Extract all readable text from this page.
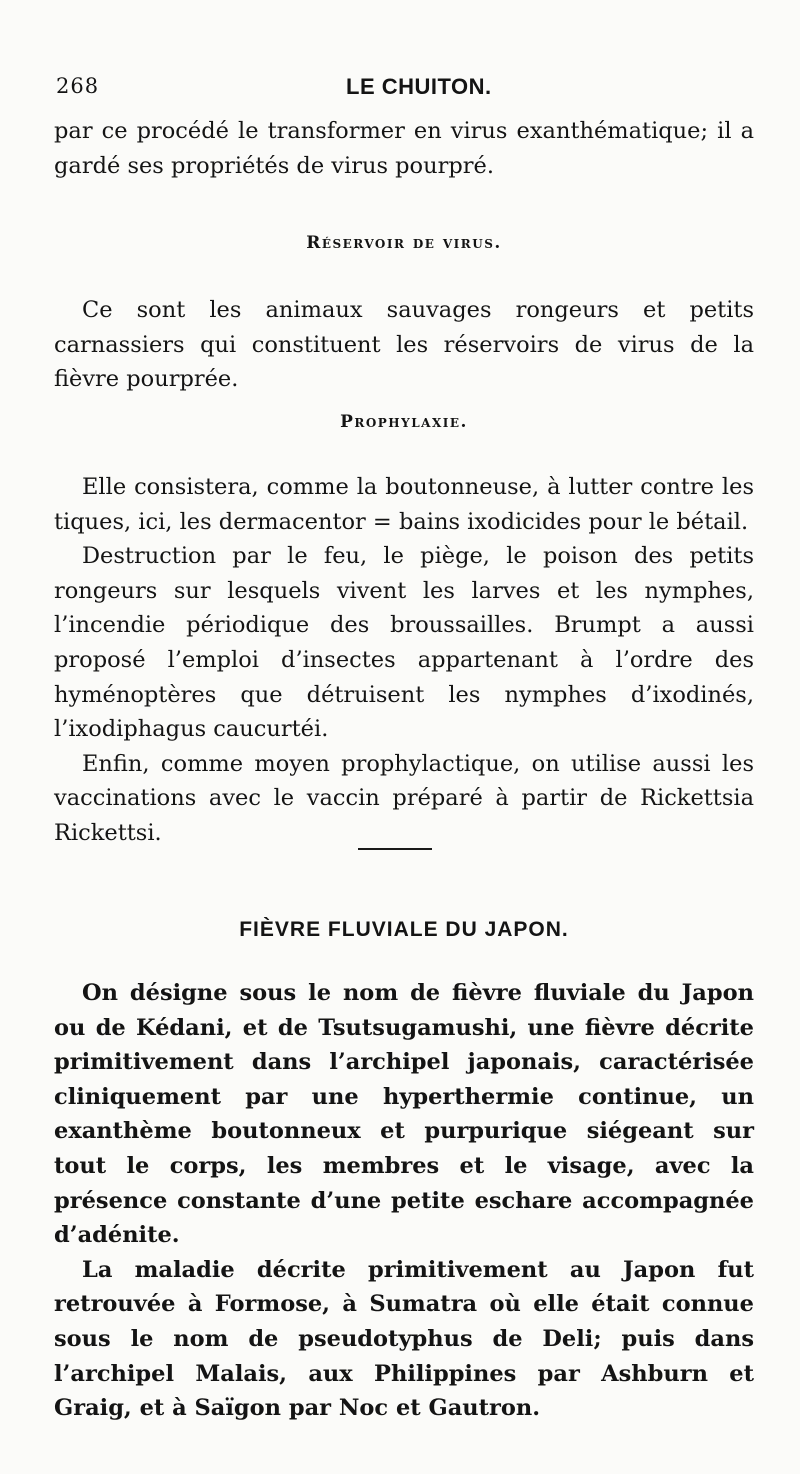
268	LE CHUITON.

par ce procédé le transformer en virus exanthématique; il a gardé ses propriétés de virus pourpré.

Réservoir de virus.

Ce sont les animaux sauvages rongeurs et petits carnassiers qui constituent les réservoirs de virus de la fièvre pourprée.

Prophylaxie.

Elle consistera, comme la boutonneuse, à lutter contre les tiques, ici, les dermacentor = bains ixodicides pour le bétail.

Destruction par le feu, le piège, le poison des petits rongeurs sur lesquels vivent les larves et les nymphes, l’incendie périodique des broussailles. Brumpt a aussi proposé l’emploi d’insectes appartenant à l’ordre des hyménoptères que détruisent les nymphes d’ixodinés, l’ixodiphagus caucurtéi.

Enfin, comme moyen prophylactique, on utilise aussi les vaccinations avec le vaccin préparé à partir de Rickettsia Rickettsi.

FIÈVRE FLUVIALE DU JAPON.

On désigne sous le nom de fièvre fluviale du Japon ou de Kédani, et de Tsutsugamushi, une fièvre décrite primitivement dans l’archipel japonais, caractérisée cliniquement par une hyperthermie continue, un exanthème boutonneux et purpurique siégeant sur tout le corps, les membres et le visage, avec la présence constante d’une petite eschare accompagnée d’adénite.

La maladie décrite primitivement au Japon fut retrouvée à Formose, à Sumatra où elle était connue sous le nom de pseudotyphus de Deli; puis dans l’archipel Malais, aux Philippines par Ashburn et Graig, et à Saïgon par Noc et Gautron.
